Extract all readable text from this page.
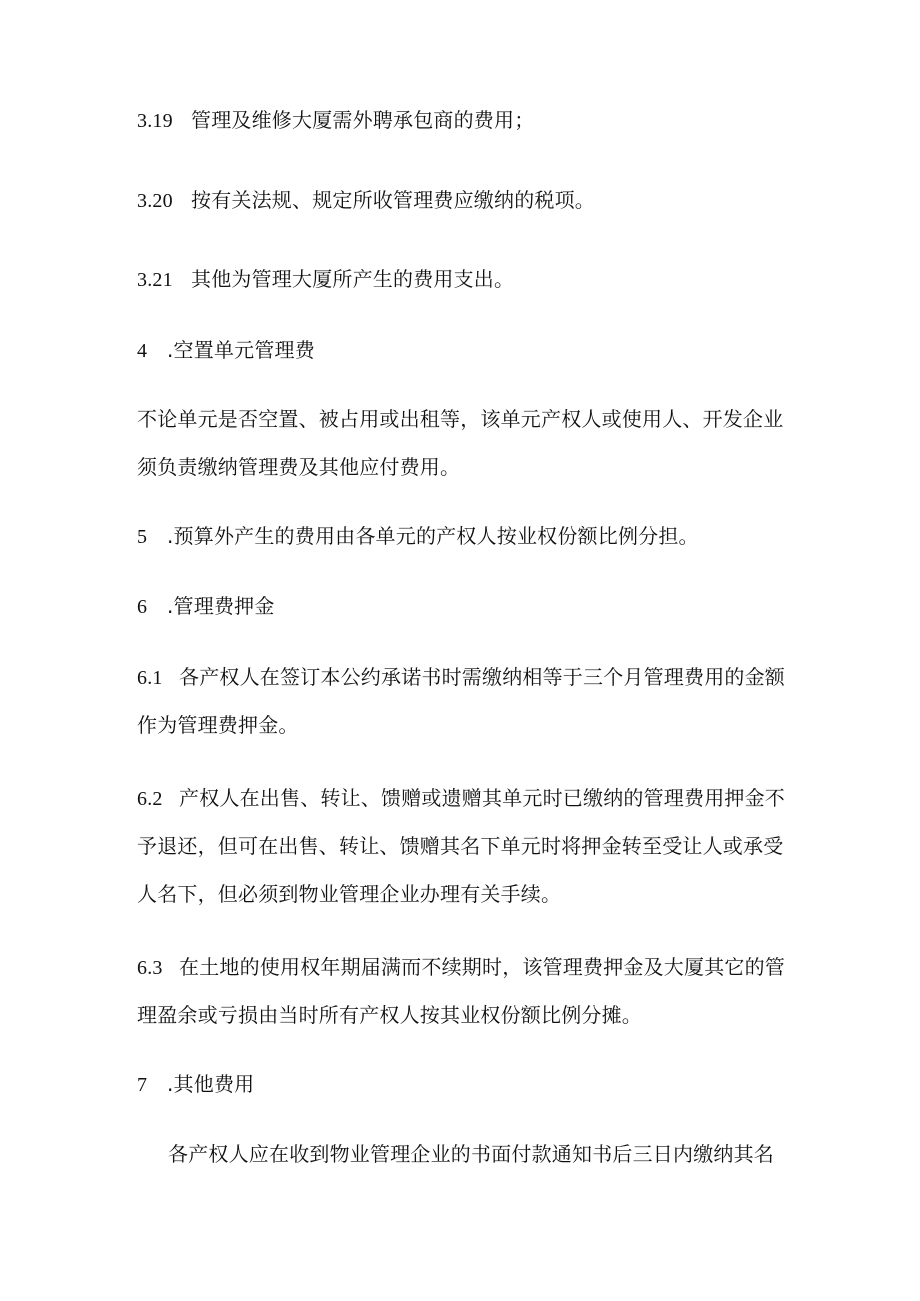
3.19 管理及维修大厦需外聘承包商的费用；
3.20 按有关法规、规定所收管理费应缴纳的税项。
3.21 其他为管理大厦所产生的费用支出。
4 .空置单元管理费
不论单元是否空置、被占用或出租等，该单元产权人或使用人、开发企业
须负责缴纳管理费及其他应付费用。
5 .预算外产生的费用由各单元的产权人按业权份额比例分担。
6 .管理费押金
6.1 各产权人在签订本公约承诺书时需缴纳相等于三个月管理费用的金额
作为管理费押金。
6.2 产权人在出售、转让、馈赠或遗赠其单元时已缴纳的管理费用押金不
予退还，但可在出售、转让、馈赠其名下单元时将押金转至受让人或承受
人名下，但必须到物业管理企业办理有关手续。
6.3 在土地的使用权年期届满而不续期时，该管理费押金及大厦其它的管
理盈余或亏损由当时所有产权人按其业权份额比例分摊。
7 .其他费用
各产权人应在收到物业管理企业的书面付款通知书后三日内缴纳其名
